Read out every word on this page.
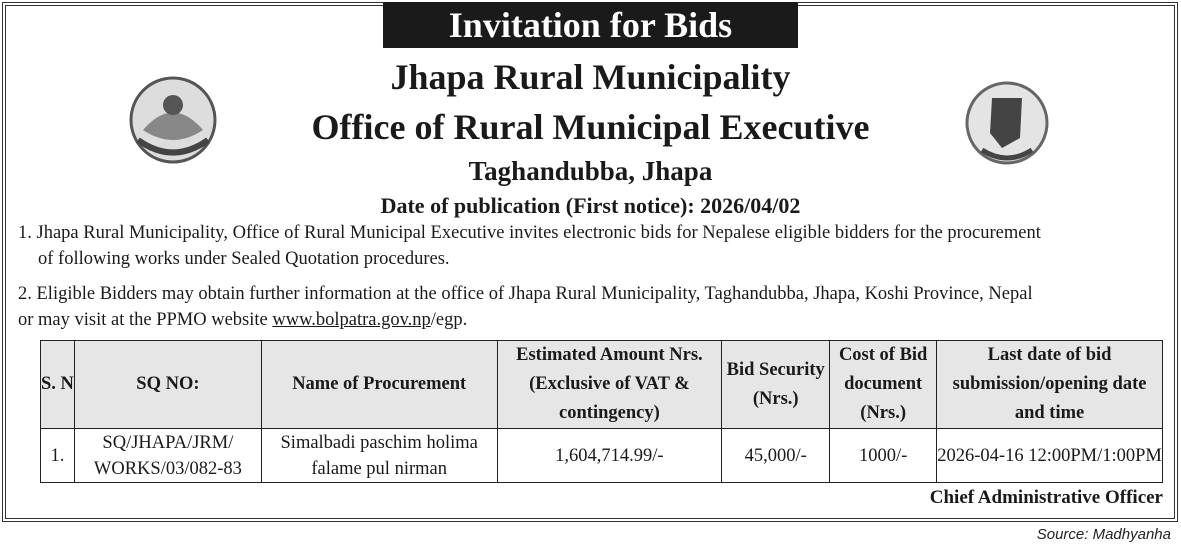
Invitation for Bids
Jhapa Rural Municipality
Office of Rural Municipal Executive
Taghandubba, Jhapa
Date of publication (First notice): 2026/04/02
1. Jhapa Rural Municipality, Office of Rural Municipal Executive invites electronic bids for Nepalese eligible bidders for the procurement
of following works under Sealed Quotation procedures.
2. Eligible Bidders may obtain further information at the office of Jhapa Rural Municipality, Taghandubba, Jhapa, Koshi Province, Nepal
or may visit at the PPMO website www.bolpatra.gov.np/egp.
S. N	SQ NO:	Name of Procurement	Estimated Amount Nrs. (Exclusive of VAT & contingency)	Bid Security (Nrs.)	Cost of Bid document (Nrs.)	Last date of bid submission/opening date and time
1.	SQ/JHAPA/JRM/ WORKS/03/082-83	Simalbadi paschim holima falame pul nirman	1,604,714.99/-	45,000/-	1000/-	2026-04-16 12:00PM/1:00PM
Chief Administrative Officer
Source: Madhyanha
